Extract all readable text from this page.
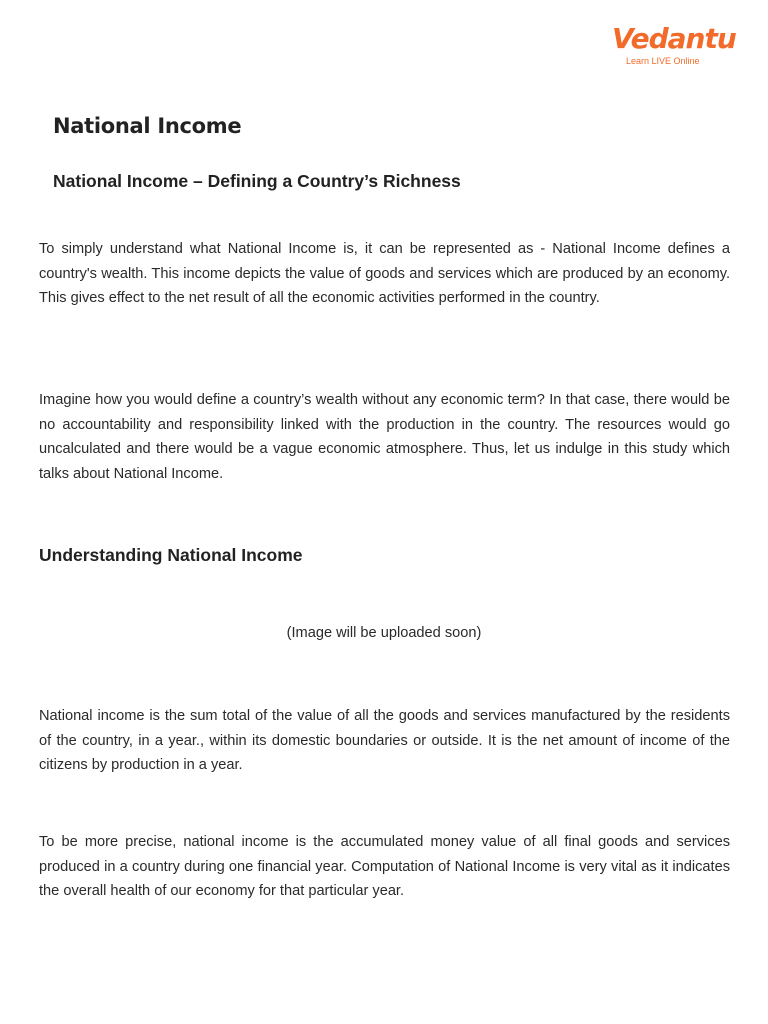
Vedantu
Learn LIVE Online
National Income
National Income – Defining a Country’s Richness

To simply understand what National Income is, it can be represented as - National Income defines a country's wealth. This income depicts the value of goods and services which are produced by an economy. This gives effect to the net result of all the economic activities performed in the country.

Imagine how you would define a country’s wealth without any economic term? In that case, there would be no accountability and responsibility linked with the production in the country. The resources would go uncalculated and there would be a vague economic atmosphere. Thus, let us indulge in this study which talks about National Income.

Understanding National Income

(Image will be uploaded soon)

National income is the sum total of the value of all the goods and services manufactured by the residents of the country, in a year., within its domestic boundaries or outside. It is the net amount of income of the citizens by production in a year.

To be more precise, national income is the accumulated money value of all final goods and services produced in a country during one financial year. Computation of National Income is very vital as it indicates the overall health of our economy for that particular year.
